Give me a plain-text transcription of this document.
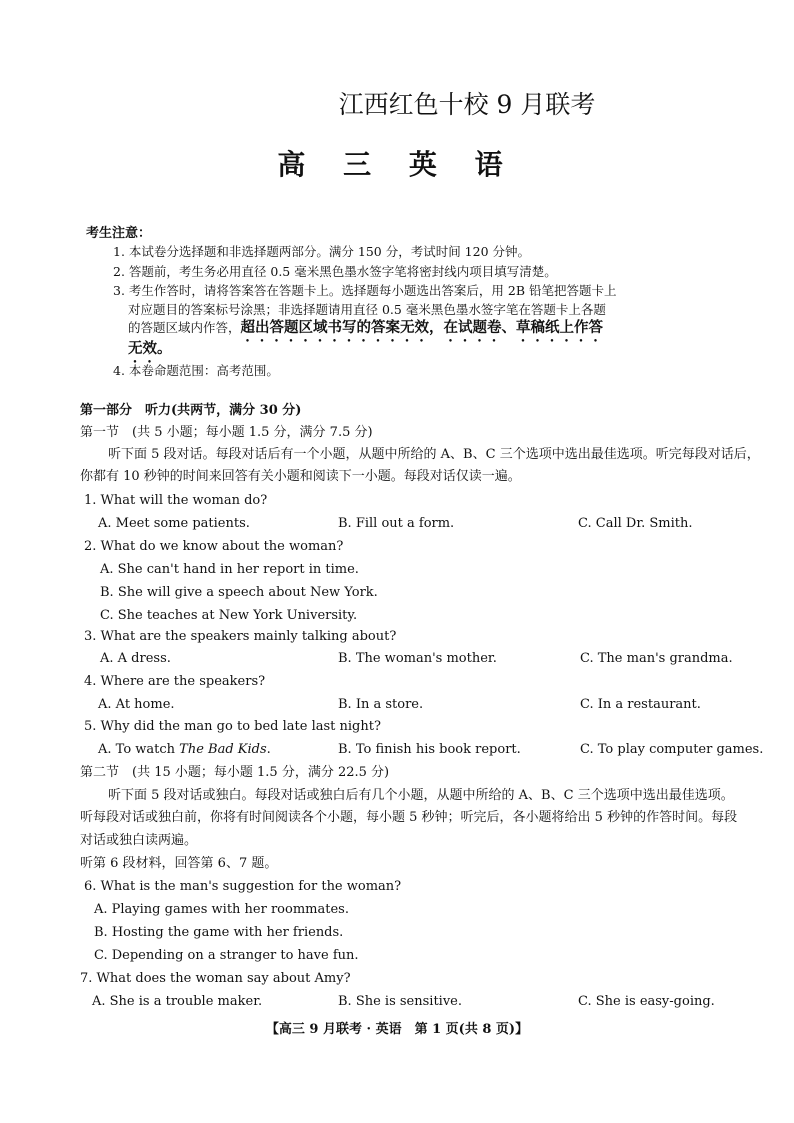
江西红色十校 9 月联考
高 三 英 语
考生注意：
1. 本试卷分选择题和非选择题两部分。满分 150 分，考试时间 120 分钟。
2. 答题前，考生务必用直径 0.5 毫米黑色墨水签字笔将密封线内项目填写清楚。
3. 考生作答时，请将答案答在答题卡上。选择题每小题选出答案后，用 2B 铅笔把答题卡上
对应题目的答案标号涂黑；非选择题请用直径 0.5 毫米黑色墨水签字笔在答题卡上各题
的答题区域内作答，超出答题区域书写的答案无效，在试题卷、草稿纸上作答
无效。
4. 本卷命题范围：高考范围。
第一部分　听力(共两节，满分 30 分)
第一节　(共 5 小题；每小题 1.5 分，满分 7.5 分)
听下面 5 段对话。每段对话后有一个小题，从题中所给的 A、B、C 三个选项中选出最佳选项。听完每段对话后，
你都有 10 秒钟的时间来回答有关小题和阅读下一小题。每段对话仅读一遍。
1. What will the woman do?
A. Meet some patients.	B. Fill out a form.	C. Call Dr. Smith.
2. What do we know about the woman?
A. She can't hand in her report in time.
B. She will give a speech about New York.
C. She teaches at New York University.
3. What are the speakers mainly talking about?
A. A dress.	B. The woman's mother.	C. The man's grandma.
4. Where are the speakers?
A. At home.	B. In a store.	C. In a restaurant.
5. Why did the man go to bed late last night?
A. To watch The Bad Kids.	B. To finish his book report.	C. To play computer games.
第二节　(共 15 小题；每小题 1.5 分，满分 22.5 分)
听下面 5 段对话或独白。每段对话或独白后有几个小题，从题中所给的 A、B、C 三个选项中选出最佳选项。
听每段对话或独白前，你将有时间阅读各个小题，每小题 5 秒钟；听完后，各小题将给出 5 秒钟的作答时间。每段
对话或独白读两遍。
听第 6 段材料，回答第 6、7 题。
6. What is the man's suggestion for the woman?
A. Playing games with her roommates.
B. Hosting the game with her friends.
C. Depending on a stranger to have fun.
7. What does the woman say about Amy?
A. She is a trouble maker.	B. She is sensitive.	C. She is easy-going.
【高三 9 月联考 · 英语　第 1 页(共 8 页)】
